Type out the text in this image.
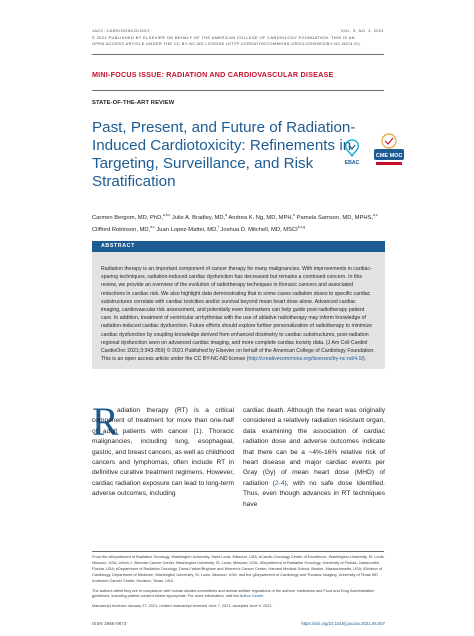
JACC: CARDIOONCOLOGY
© 2021 PUBLISHED BY ELSEVIER ON BEHALF OF THE AMERICAN COLLEGE OF CARDIOLOGY FOUNDATION. THIS IS AN OPEN ACCESS ARTICLE UNDER THE CC BY-NC-ND LICENSE (HTTP://CREATIVECOMMONS.ORG/LICENSES/BY-NC-ND/4.0/).
VOL. 3, NO. 3, 2021
MINI-FOCUS ISSUE: RADIATION AND CARDIOVASCULAR DISEASE
STATE-OF-THE-ART REVIEW
Past, Present, and Future of Radiation-Induced Cardiotoxicity: Refinements in Targeting, Surveillance, and Risk Stratification
EBAC
CME MOC
Carmen Bergom, MD, PhD,$^{a,b,c}$ Julie A. Bradley, MD,$^d$ Andrea K. Ng, MD, MPH,$^e$ Pamela Samson, MD, MPHS,$^{a,c}$
Clifford Robinson, MD,$^{a,c}$ Juan Lopez-Mattei, MD,$^f$ Joshua D. Mitchell, MD, MSCI$^{b,c,g}$
ABSTRACT
Radiation therapy is an important component of cancer therapy for many malignancies. With improvements in cardiac-sparing techniques, radiation-induced cardiac dysfunction has decreased but remains a continued concern. In this review, we provide an overview of the evolution of radiotherapy techniques in thoracic cancers and associated reductions in cardiac risk. We also highlight data demonstrating that in some cases radiation doses to specific cardiac substructures correlate with cardiac toxicities and/or survival beyond mean heart dose alone. Advanced cardiac imaging, cardiovascular risk assessment, and potentially even biomarkers can help guide post-radiotherapy patient care. In addition, treatment of ventricular arrhythmias with the use of ablative radiotherapy may inform knowledge of radiation-induced cardiac dysfunction. Future efforts should explore further personalization of radiotherapy to minimize cardiac dysfunction by coupling knowledge derived from enhanced dosimetry to cardiac substructures, post-radiation regional dysfunction seen on advanced cardiac imaging, and more complete cardiac toxicity data. (J Am Coll Cardiol CardioOnc 2021;3:343-359) © 2021 Published by Elsevier on behalf of the American College of Cardiology Foundation. This is an open access article under the CC BY-NC-ND license (http://creativecommons.org/licenses/by-nc-nd/4.0/).
R
adiation therapy (RT) is a critical component of treatment for more than one-half of adult patients with cancer (1). Thoracic malignancies, including lung, esophageal, gastric, and breast cancers, as well as childhood cancers and lymphomas, often include RT in definitive curative treatment regimens. However, cardiac radiation exposure can lead to long-term adverse outcomes, including
cardiac death. Although the heart was originally considered a relatively radiation resistant organ, data examining the association of cardiac radiation dose and adverse outcomes indicate that there can be a ~4%-16% relative risk of heart disease and major cardiac events per Gray (Gy) of mean heart dose (MHD) of radiation (2-4), with no safe dose identified. Thus, even though advances in RT techniques have
From the aDepartment of Radiation Oncology, Washington University, Saint Louis, Missouri, USA; bCardio-Oncology Center of Excellence, Washington University, St. Louis, Missouri, USA; cAlvin J. Siteman Cancer Center, Washington University, St. Louis, Missouri, USA; dDepartment of Radiation Oncology, University of Florida, Jacksonville, Florida, USA; eDepartment of Radiation Oncology, Dana-Farber/Brigham and Women's Cancer Center, Harvard Medical School, Boston, Massachusetts, USA; fDivision of Cardiology, Department of Medicine, Washington University, St. Louis, Missouri, USA; and the gDepartment of Cardiology and Thoracic Imaging, University of Texas MD Anderson Cancer Center, Houston, Texas, USA.
The authors attest they are in compliance with human studies committees and animal welfare regulations of the authors' institutions and Food and Drug Administration guidelines, including patient consent where appropriate. For more information, visit the Author Center.
Manuscript received January 27, 2021; revised manuscript received June 7, 2021, accepted June 9, 2021.
ISSN 2666-0873	https://doi.org/10.1016/j.jaccao.2021.06.007
